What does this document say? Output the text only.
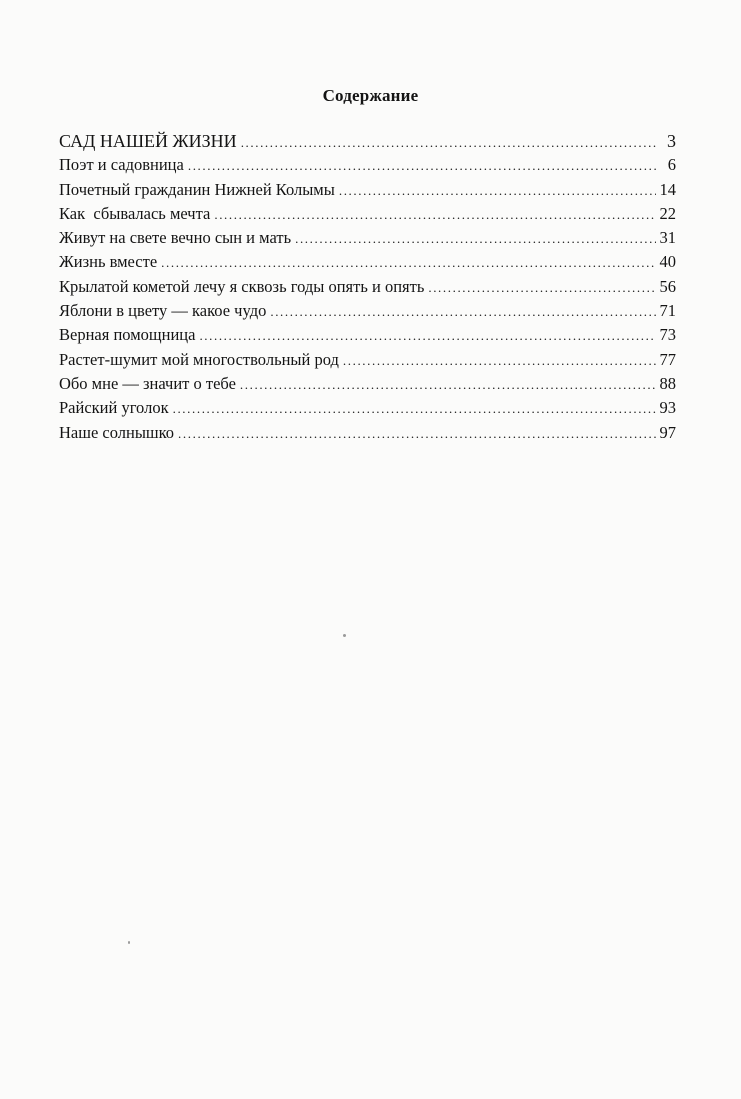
Содержание
САД НАШЕЙ ЖИЗНИ .....	3
Поэт и садовница .....	6
Почетный гражданин Нижней Колымы .....	14
Как  сбывалась мечта .....	22
Живут на свете вечно сын и мать .....	31
Жизнь вместе .....	40
Крылатой кометой лечу я сквозь годы опять и опять .....	56
Яблони в цвету — какое чудо .....	71
Верная помощница .....	73
Растет-шумит мой многоствольный род .....	77
Обо мне — значит о тебе .....	88
Райский уголок .....	93
Наше солнышко .....	97
